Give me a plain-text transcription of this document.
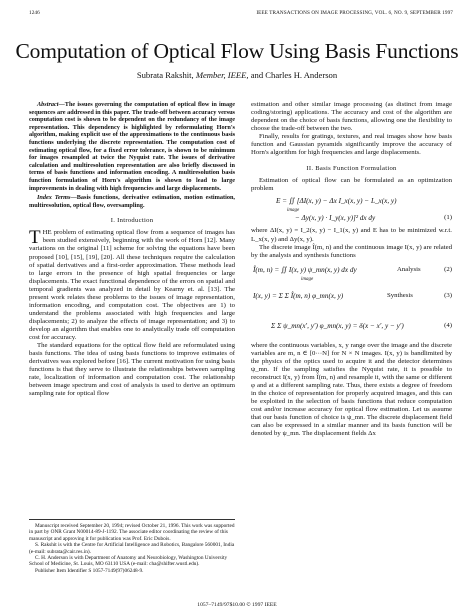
1246	IEEE TRANSACTIONS ON IMAGE PROCESSING, VOL. 6, NO. 9, SEPTEMBER 1997
Computation of Optical Flow Using Basis Functions
Subrata Rakshit, Member, IEEE, and Charles H. Anderson

Abstract—The issues governing the computation of optical flow in image sequences are addressed in this paper. The trade-off between accuracy versus computation cost is shown to be dependent on the redundancy of the image representation. This dependency is highlighted by reformulating Horn's algorithm, making explicit use of the approximations to the continuous basis functions underlying the discrete representation. The computation cost of estimating optical flow, for a fixed error tolerance, is shown to be minimum for images resampled at twice the Nyquist rate. The issues of derivative calculation and multiresolution representation are also briefly discussed in terms of basis functions and information encoding. A multiresolution basis function formulation of Horn's algorithm is shown to lead to large improvements in dealing with high frequencies and large displacements.

Index Terms—Basis functions, derivative estimation, motion estimation, multiresolution, optical flow, oversampling.

I. Introduction

THE problem of estimating optical flow from a sequence of images has been studied extensively, beginning with the work of Horn [12]. Many variations on the original [11] scheme for solving the equations have been proposed [10], [15], [19], [20]. All these techniques require the calculation of spatial derivatives and a first-order approximation. These methods lead to large errors in the presence of high spatial frequencies or large displacements. The exact functional dependence of the errors on spatial and temporal gradients was analyzed in detail by Kearny et. al. [13]. The present work relates these problems to the issues of image representation, information encoding, and computation cost. The objectives are 1) to understand the problems associated with high frequencies and large displacements; 2) to analyze the effects of image representation; and 3) to develop an algorithm that enables one to analytically trade off computation cost for accuracy.

The standard equations for the optical flow field are reformulated using basis functions. The idea of using basis functions to improve estimates of derivatives was explored before [16]. The current motivation for using basis functions is that they serve to illustrate the relationships between sampling rate, localization of information and computation cost. The relationship between image spectrum and cost of analysis is used to derive an optimum sampling rate for optical flow

Manuscript received September 20, 1994; revised October 21, 1996. This work was supported in part by ONR Grant N00014-89-J-1192. The associate editor coordinating the review of this manuscript and approving it for publication was Prof. Eric Dubois.

S. Rakshit is with the Centre for Artificial Intelligence and Robotics, Bangalore 560001, India (e-mail: subrata@cair.res.in).

C. H. Anderson is with Department of Anatomy and Neurobiology, Washington University School of Medicine, St. Louis, MO 63110 USA (e-mail: cha@shifter.wustl.edu).

Publisher Item Identifier S 1057-7149(97)06248-9.

estimation and other similar image processing (as distinct from image coding/storing) applications. The accuracy and cost of the algorithm are dependent on the choice of basis functions, allowing one the flexibility to choose the trade-off between the two.

Finally, results for gratings, textures, and real images show how basis function and Gaussian pyramids significantly improve the accuracy of Horn's algorithm for high frequencies and large displacements.

II. Basis Function Formulation

Estimation of optical flow can be formulated as an optimization problem

E = ∬ [ΔI(x, y) − Δx I_x(x, y) − L_x(x, y)
image
− Δy(x, y) · I_y(x, y)]² dx dy	(1)

where ΔI(x, y) = I_2(x, y) − I_1(x, y) and E has to be minimized w.r.t. L_x(x, y) and Δy(x, y).

The discrete image Î(m, n) and the continuous image I(x, y) are related by the analysis and synthesis functions

Î(m, n) = ∬ I(x, y) ψ_mn(x, y) dx dy
image
Analysis	(2)
I(x, y) = Σ Σ Î(m, n) φ_mn(x, y)	Synthesis	(3)
Σ Σ ψ_mn(x′, y′) φ_mn(x, y) = δ(x − x′, y − y′)	(4)

where the continuous variables, x, y range over the image and the discrete variables are m, n ∈ [0···N] for N × N images. I(x, y) is bandlimited by the physics of the optics used to acquire it and the detector determines ψ_mn. If the sampling satisfies the Nyquist rate, it is possible to reconstruct I(x, y) from Î(m, n) and resample it, with the same or different φ and at a different sampling rate. Thus, there exists a degree of freedom in the choice of representation for properly acquired images, and this can be exploited in the selection of basis functions that reduce computation cost and/or increase accuracy for optical flow estimation. Let us assume that our basis function of choice is ψ_mn. The discrete displacement field can also be expressed in a similar manner and its basis function will be denoted by ψ_mn. The displacement fields Δx

1057–7149/97$10.00 © 1997 IEEE
